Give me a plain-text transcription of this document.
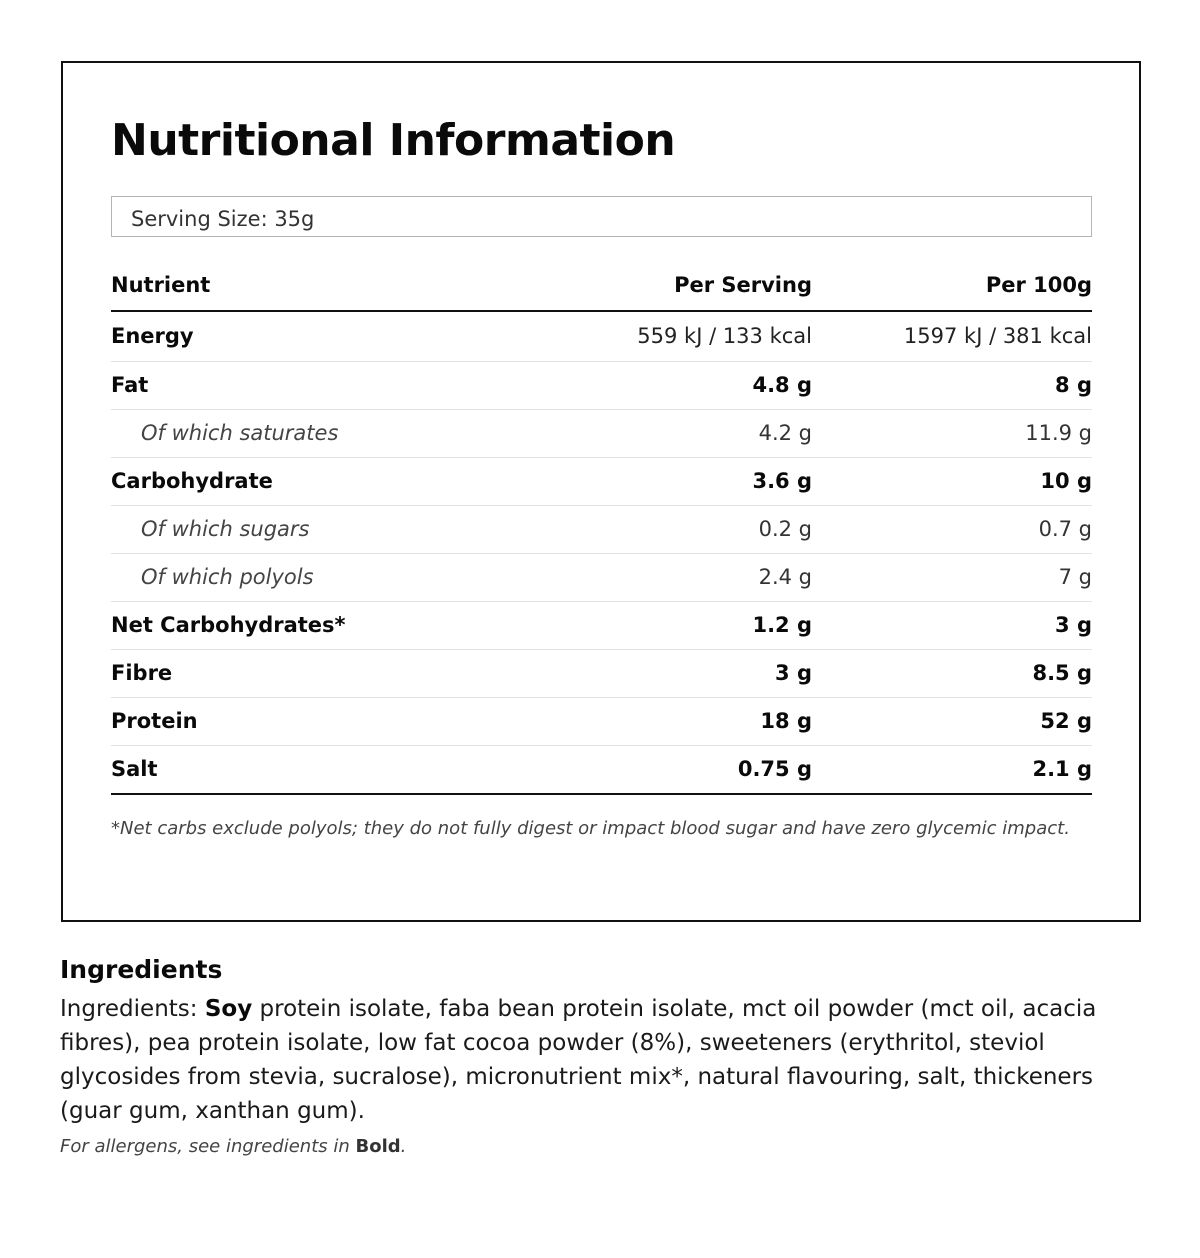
Nutritional Information
Serving Size: 35g
Nutrient	Per Serving	Per 100g
Energy	559 kJ / 133 kcal	1597 kJ / 381 kcal
Fat	4.8 g	8 g
Of which saturates	4.2 g	11.9 g
Carbohydrate	3.6 g	10 g
Of which sugars	0.2 g	0.7 g
Of which polyols	2.4 g	7 g
Net Carbohydrates*	1.2 g	3 g
Fibre	3 g	8.5 g
Protein	18 g	52 g
Salt	0.75 g	2.1 g

*Net carbs exclude polyols; they do not fully digest or impact blood sugar and have zero glycemic impact.

Ingredients

Ingredients: Soy protein isolate, faba bean protein isolate, mct oil powder (mct oil, acacia fibres), pea protein isolate, low fat cocoa powder (8%), sweeteners (erythritol, steviol glycosides from stevia, sucralose), micronutrient mix*, natural flavouring, salt, thickeners (guar gum, xanthan gum).

For allergens, see ingredients in Bold.
